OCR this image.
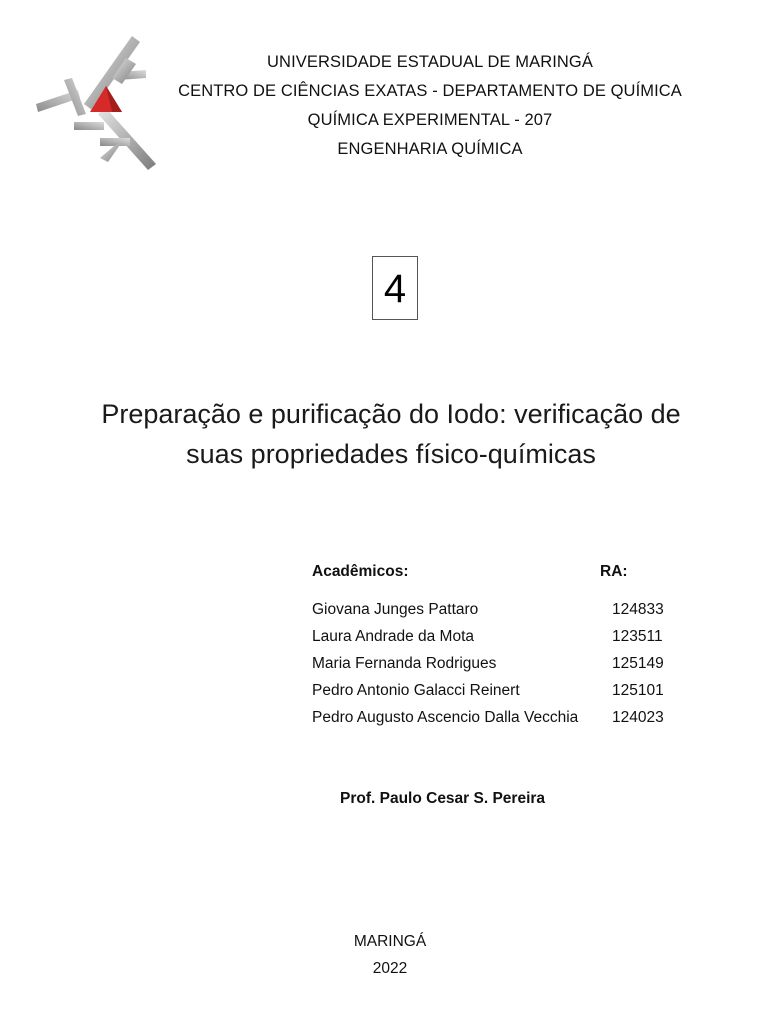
UNIVERSIDADE ESTADUAL DE MARINGÁ
CENTRO DE CIÊNCIAS EXATAS - DEPARTAMENTO DE QUÍMICA
QUÍMICA EXPERIMENTAL - 207
ENGENHARIA QUÍMICA
4
Preparação e purificação do Iodo: verificação de
suas propriedades físico-químicas
Acadêmicos:	RA:
Giovana Junges Pattaro	124833
Laura Andrade da Mota	123511
Maria Fernanda Rodrigues	125149
Pedro Antonio Galacci Reinert	125101
Pedro Augusto Ascencio Dalla Vecchia	124023
Prof. Paulo Cesar S. Pereira
MARINGÁ
2022
